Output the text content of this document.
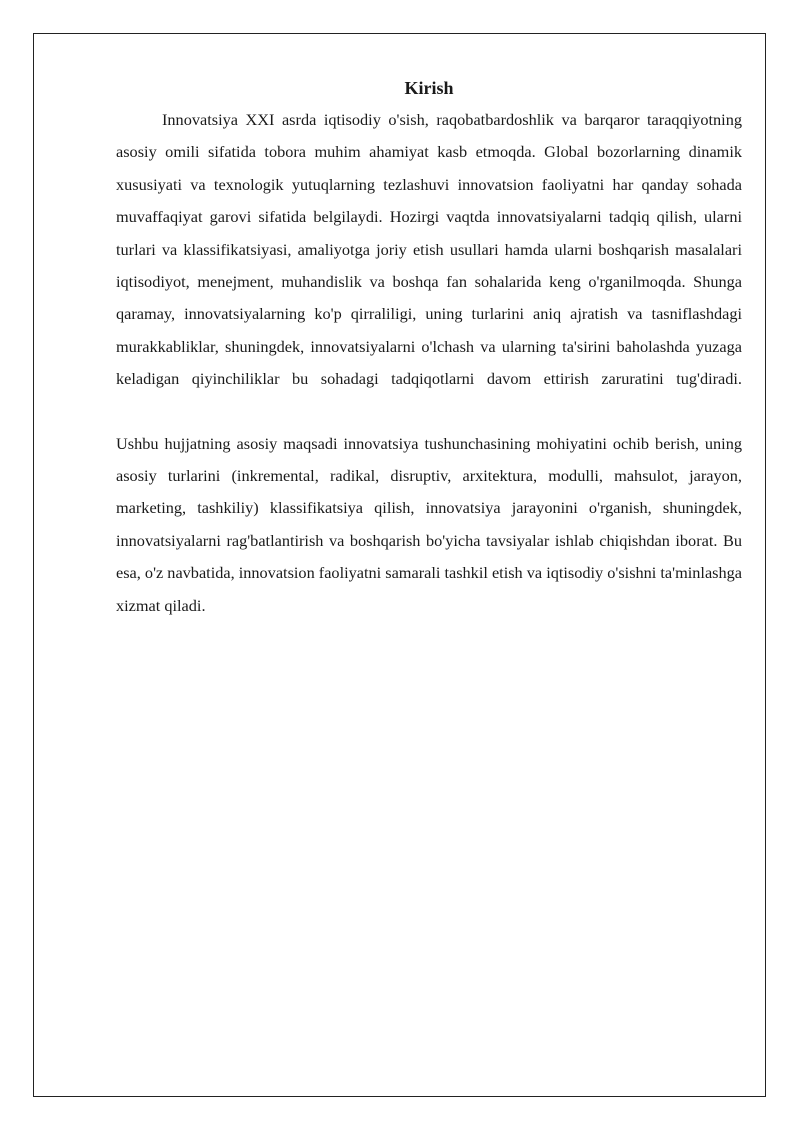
Kirish

Innovatsiya XXI asrda iqtisodiy o'sish, raqobatbardoshlik va barqaror taraqqiyotning asosiy omili sifatida tobora muhim ahamiyat kasb etmoqda. Global bozorlarning dinamik xususiyati va texnologik yutuqlarning tezlashuvi innovatsion faoliyatni har qanday sohada muvaffaqiyat garovi sifatida belgilaydi. Hozirgi vaqtda innovatsiyalarni tadqiq qilish, ularni turlari va klassifikatsiyasi, amaliyotga joriy etish usullari hamda ularni boshqarish masalalari iqtisodiyot, menejment, muhandislik va boshqa fan sohalarida keng o'rganilmoqda. Shunga qaramay, innovatsiyalarning ko'p qirraliligi, uning turlarini aniq ajratish va tasniflashdagi murakkabliklar, shuningdek, innovatsiyalarni o'lchash va ularning ta'sirini baholashda yuzaga keladigan qiyinchiliklar bu sohadagi tadqiqotlarni davom ettirish zaruratini tug'diradi.

Ushbu hujjatning asosiy maqsadi innovatsiya tushunchasining mohiyatini ochib berish, uning asosiy turlarini (inkremental, radikal, disruptiv, arxitektura, modulli, mahsulot, jarayon, marketing, tashkiliy) klassifikatsiya qilish, innovatsiya jarayonini o'rganish, shuningdek, innovatsiyalarni rag'batlantirish va boshqarish bo'yicha tavsiyalar ishlab chiqishdan iborat. Bu esa, o'z navbatida, innovatsion faoliyatni samarali tashkil etish va iqtisodiy o'sishni ta'minlashga xizmat qiladi.
